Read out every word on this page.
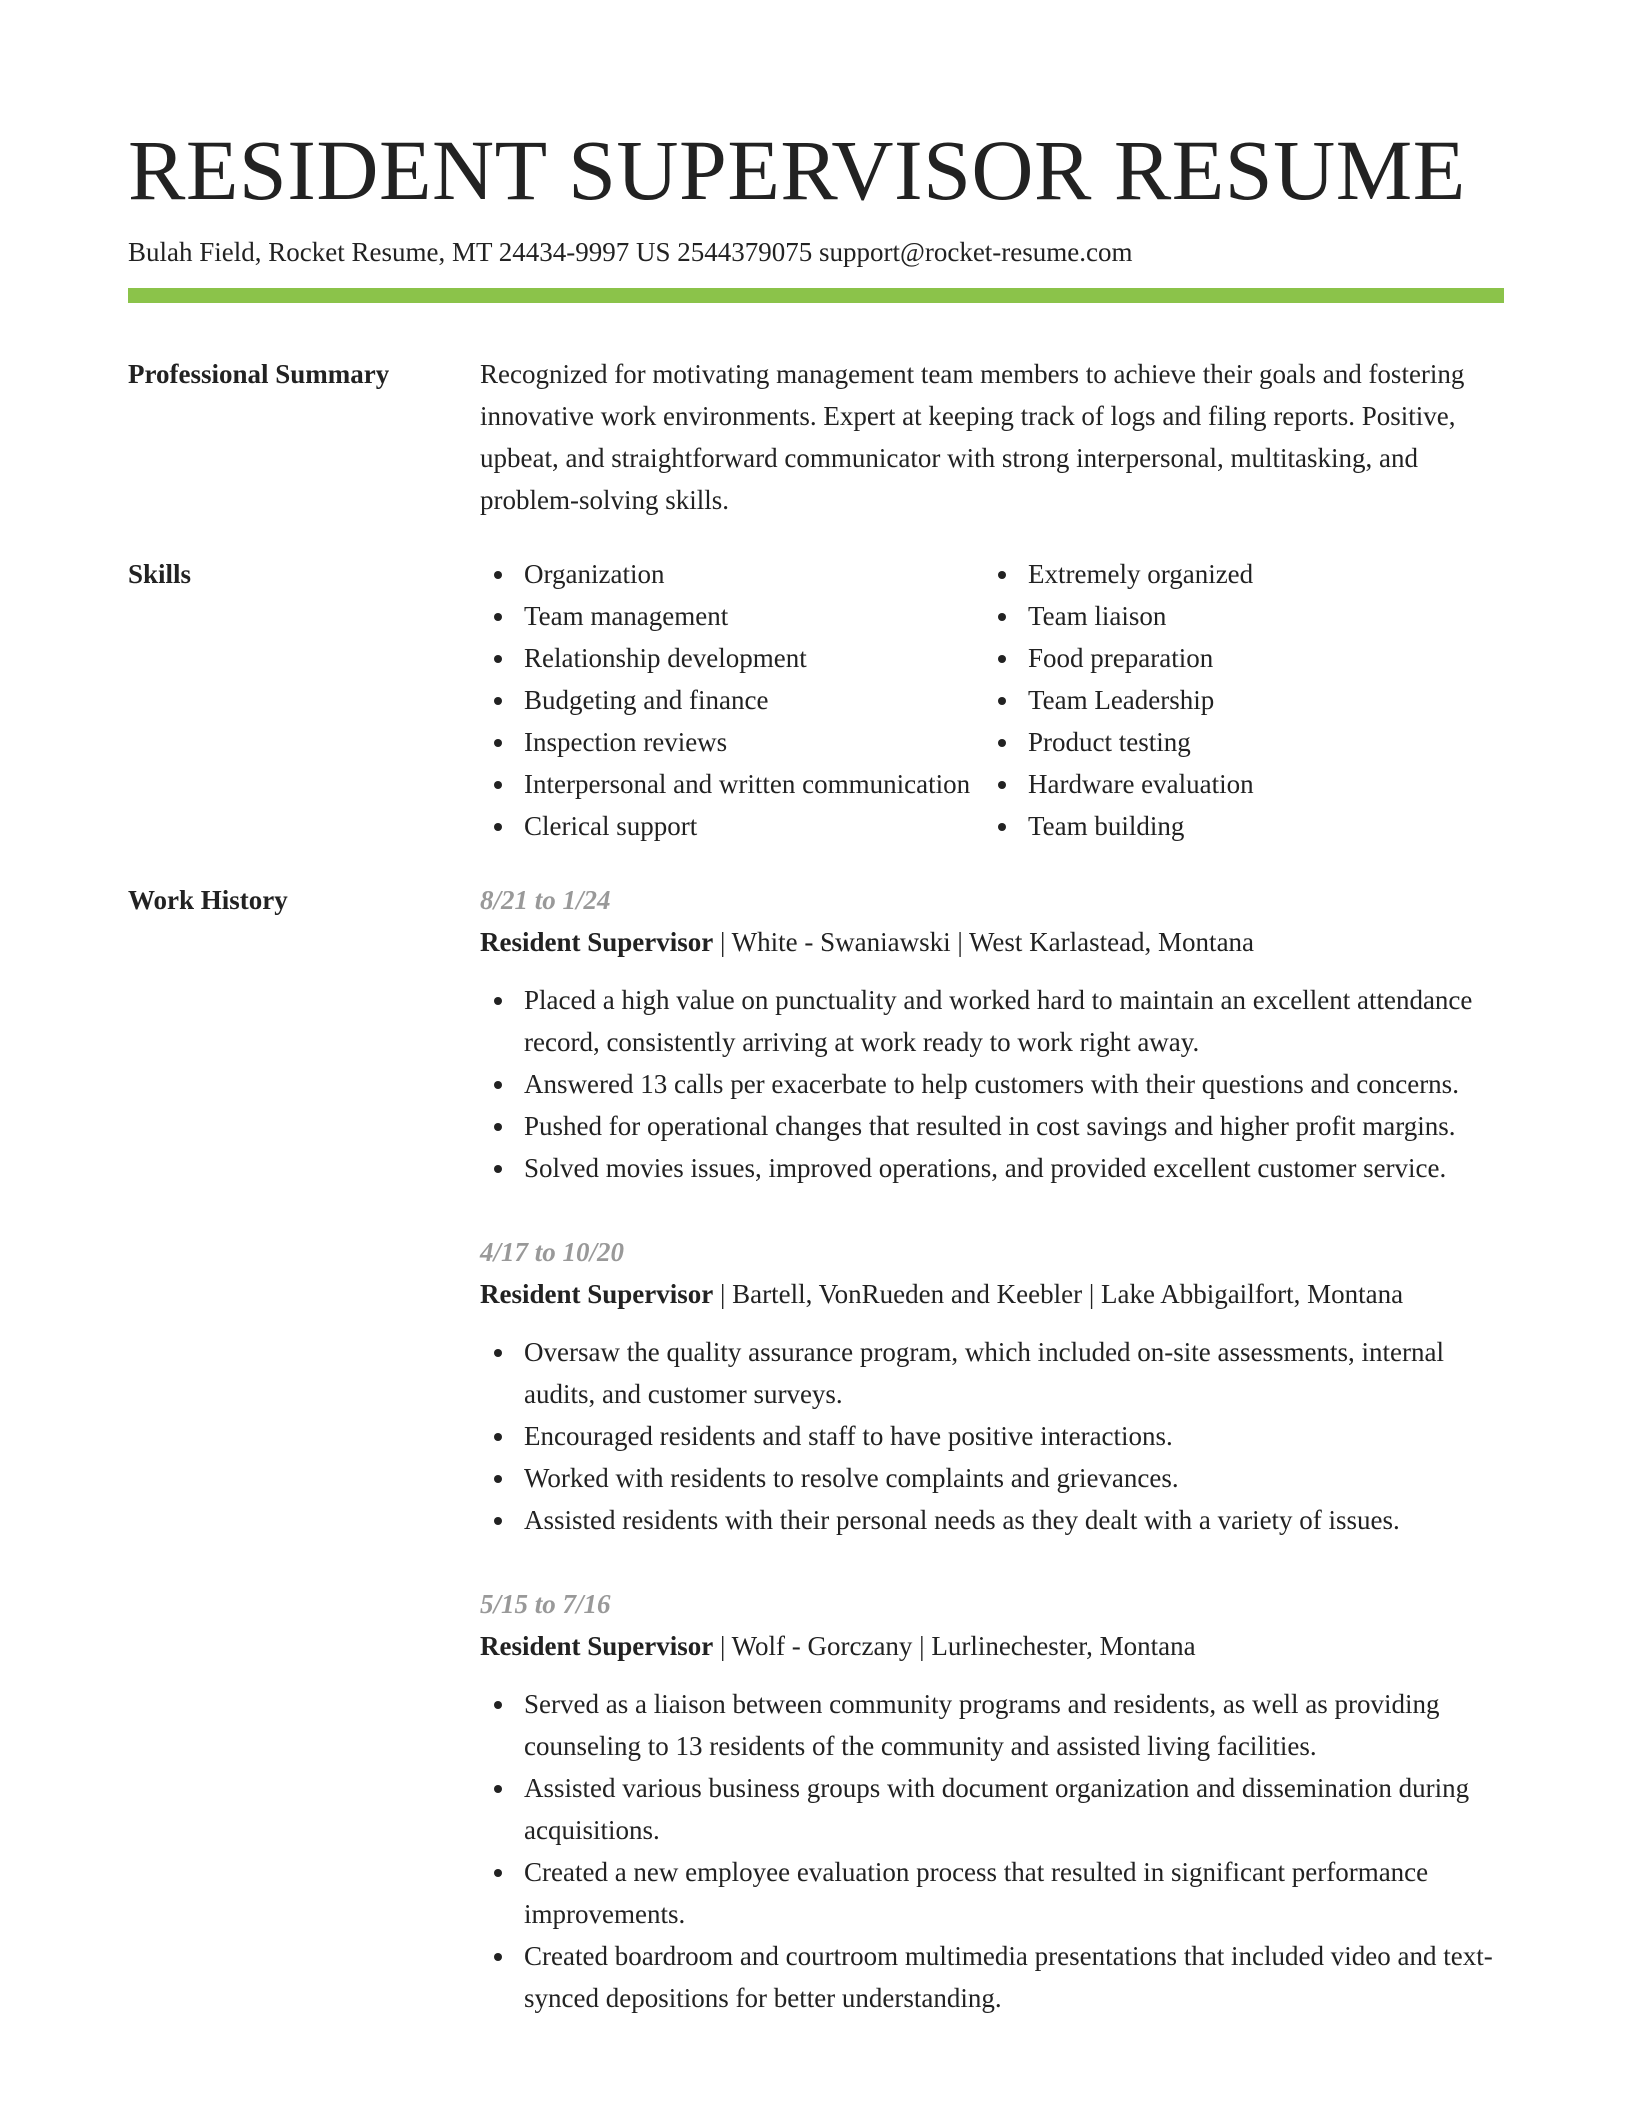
RESIDENT SUPERVISOR RESUME
Bulah Field, Rocket Resume, MT 24434-9997 US 2544379075 support@rocket-resume.com
Professional Summary	Recognized for motivating management team members to achieve their goals and fostering innovative work environments. Expert at keeping track of logs and filing reports. Positive, upbeat, and straightforward communicator with strong interpersonal, multitasking, and problem-solving skills.
Skills	Organization
Team management
Relationship development
Budgeting and finance
Inspection reviews
Interpersonal and written communication
Clerical support
Extremely organized
Team liaison
Food preparation
Team Leadership
Product testing
Hardware evaluation
Team building
Work History	8/21 to 1/24
Resident Supervisor | White - Swaniawski | West Karlastead, Montana
Placed a high value on punctuality and worked hard to maintain an excellent attendance record, consistently arriving at work ready to work right away.
Answered 13 calls per exacerbate to help customers with their questions and concerns.
Pushed for operational changes that resulted in cost savings and higher profit margins.
Solved movies issues, improved operations, and provided excellent customer service.
4/17 to 10/20
Resident Supervisor | Bartell, VonRueden and Keebler | Lake Abbigailfort, Montana
Oversaw the quality assurance program, which included on-site assessments, internal audits, and customer surveys.
Encouraged residents and staff to have positive interactions.
Worked with residents to resolve complaints and grievances.
Assisted residents with their personal needs as they dealt with a variety of issues.
5/15 to 7/16
Resident Supervisor | Wolf - Gorczany | Lurlinechester, Montana
Served as a liaison between community programs and residents, as well as providing counseling to 13 residents of the community and assisted living facilities.
Assisted various business groups with document organization and dissemination during acquisitions.
Created a new employee evaluation process that resulted in significant performance improvements.
Created boardroom and courtroom multimedia presentations that included video and text-synced depositions for better understanding.
